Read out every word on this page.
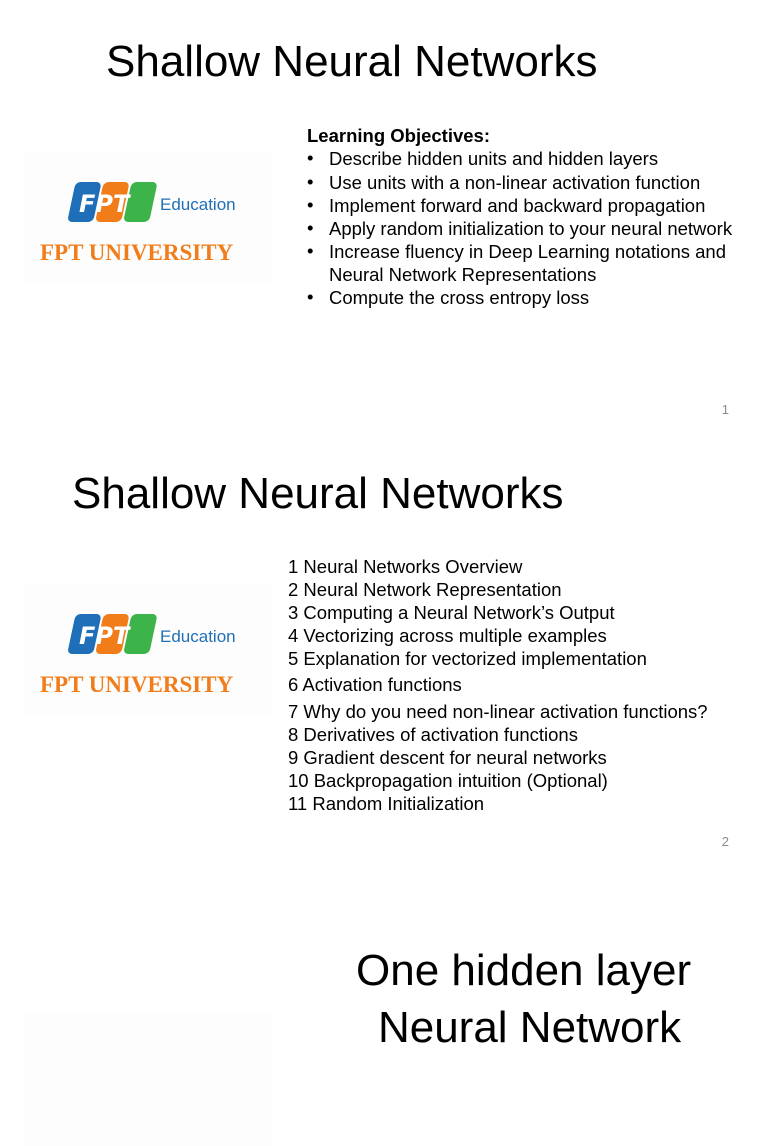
Shallow Neural Networks
FPT Education
FPT UNIVERSITY
Learning Objectives:
• Describe hidden units and hidden layers
• Use units with a non-linear activation function
• Implement forward and backward propagation
• Apply random initialization to your neural network
• Increase fluency in Deep Learning notations and Neural Network Representations
• Compute the cross entropy loss
1
Shallow Neural Networks
FPT Education
FPT UNIVERSITY
1 Neural Networks Overview
2 Neural Network Representation
3 Computing a Neural Network’s Output
4 Vectorizing across multiple examples
5 Explanation for vectorized implementation
6 Activation functions
7 Why do you need non-linear activation functions?
8 Derivatives of activation functions
9 Gradient descent for neural networks
10 Backpropagation intuition (Optional)
11 Random Initialization
2
One hidden layer
Neural Network
